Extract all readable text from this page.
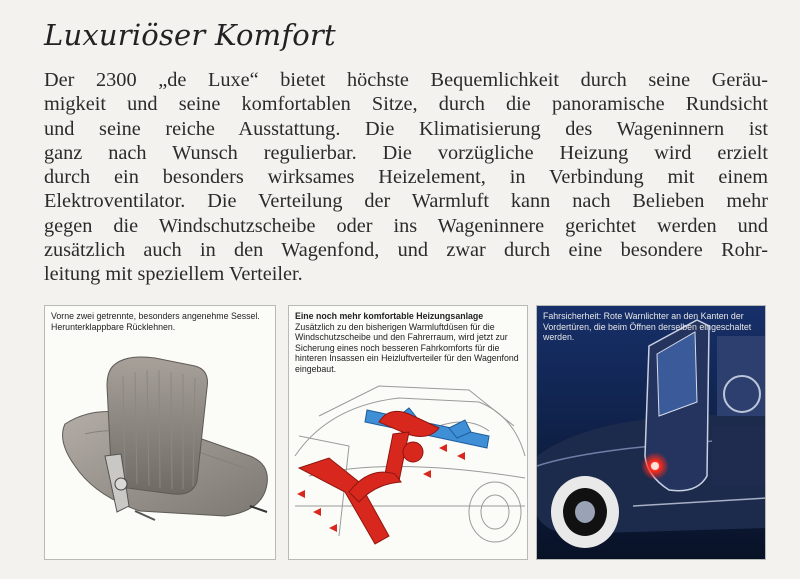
Luxuriöser Komfort
Der 2300 „de Luxe“ bietet höchste Bequemlichkeit durch seine Geräu-
migkeit und seine komfortablen Sitze, durch die panoramische Rundsicht
und seine reiche Ausstattung. Die Klimatisierung des Wageninnern ist
ganz nach Wunsch regulierbar. Die vorzügliche Heizung wird erzielt
durch ein besonders wirksames Heizelement, in Verbindung mit einem
Elektroventilator. Die Verteilung der Warmluft kann nach Belieben mehr
gegen die Windschutzscheibe oder ins Wageninnere gerichtet werden und
zusätzlich auch in den Wagenfond, und zwar durch eine besondere Rohr-
leitung mit speziellem Verteiler.
Vorne zwei getrennte, besonders angenehme Sessel. Herunterklappbare Rücklehnen.
Eine noch mehr komfortable Heizungsanlage
Zusätzlich zu den bisherigen Warmluftdüsen für die Windschutzscheibe und den Fahrerraum, wird jetzt zur Sicherung eines noch besseren Fahrkomforts für die hinteren Insassen ein Heizluftverteiler für den Wagenfond eingebaut.
Fahrsicherheit: Rote Warnlichter an den Kanten der Vordertüren, die beim Öffnen derselben eingeschaltet werden.
